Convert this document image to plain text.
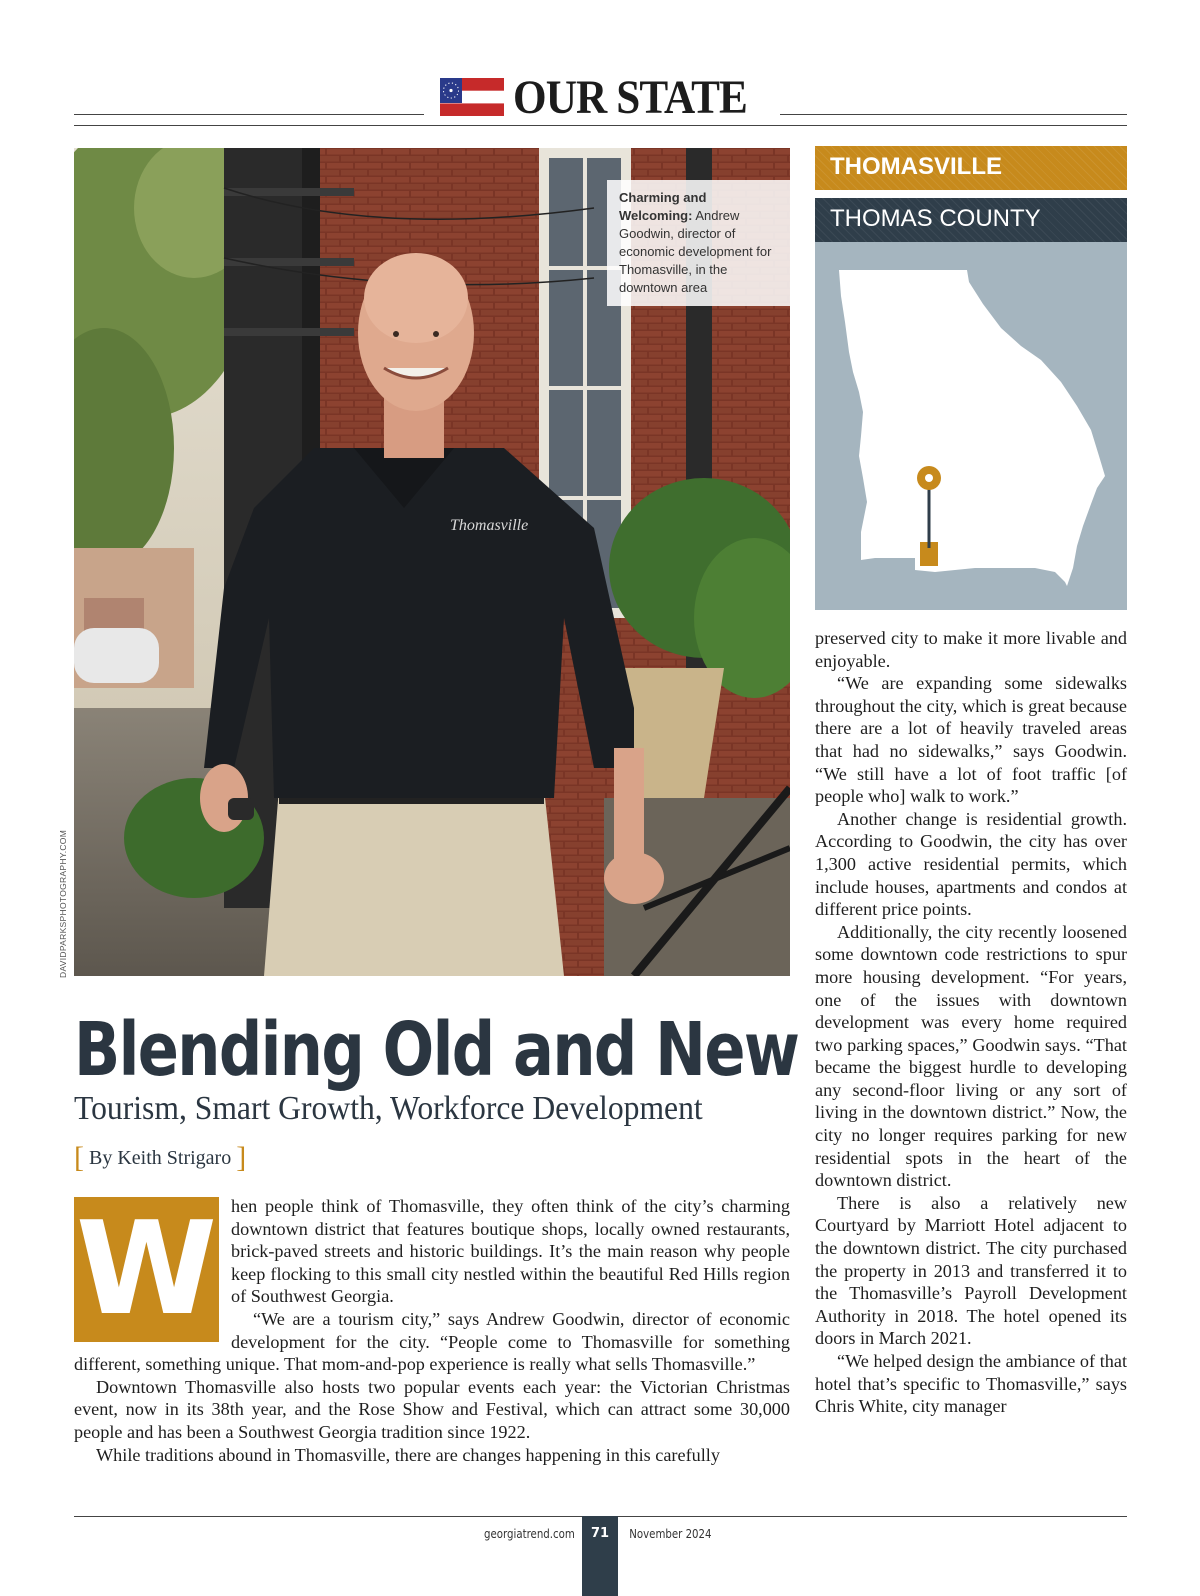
OUR STATE
Thomasville
Charming and Welcoming: Andrew Goodwin, director of economic development for Thomasville, in the downtown area
DAVIDPARKSPHOTOGRAPHY.COM
THOMASVILLE
THOMAS COUNTY
Blending Old and New
Tourism, Smart Growth, Workforce Development
[ By Keith Strigaro ]
W hen people think of Thomasville, they often think of the city’s charming downtown district that features boutique shops, locally owned restaurants, brick-paved streets and historic buildings. It’s the main reason why people keep flocking to this small city nestled within the beautiful Red Hills region of Southwest Georgia.

“We are a tourism city,” says Andrew Goodwin, director of economic development for the city. “People come to Thomasville for something different, something unique. That mom-and-pop experience is really what sells Thomasville.”

Downtown Thomasville also hosts two popular events each year: the Victorian Christmas event, now in its 38th year, and the Rose Show and Festival, which can attract some 30,000 people and has been a Southwest Georgia tradition since 1922.

While traditions abound in Thomasville, there are changes happening in this carefully

preserved city to make it more livable and enjoyable.

“We are expanding some sidewalks throughout the city, which is great because there are a lot of heavily traveled areas that had no sidewalks,” says Goodwin. “We still have a lot of foot traffic [of people who] walk to work.”

Another change is residential growth. According to Goodwin, the city has over 1,300 active residential permits, which include houses, apartments and condos at different price points.

Additionally, the city recently loosened some downtown code restrictions to spur more housing development. “For years, one of the issues with downtown development was every home required two parking spaces,” Goodwin says. “That became the biggest hurdle to developing any second-floor living or any sort of living in the downtown district.” Now, the city no longer requires parking for new residential spots in the heart of the downtown district.

There is also a relatively new Courtyard by Marriott Hotel adjacent to the downtown district. The city purchased the property in 2013 and transferred it to the Thomasville’s Payroll Development Authority in 2018. The hotel opened its doors in March 2021.

“We helped design the ambiance of that hotel that’s specific to Thomasville,” says Chris White, city manager

georgiatrend.com	71	November 2024
